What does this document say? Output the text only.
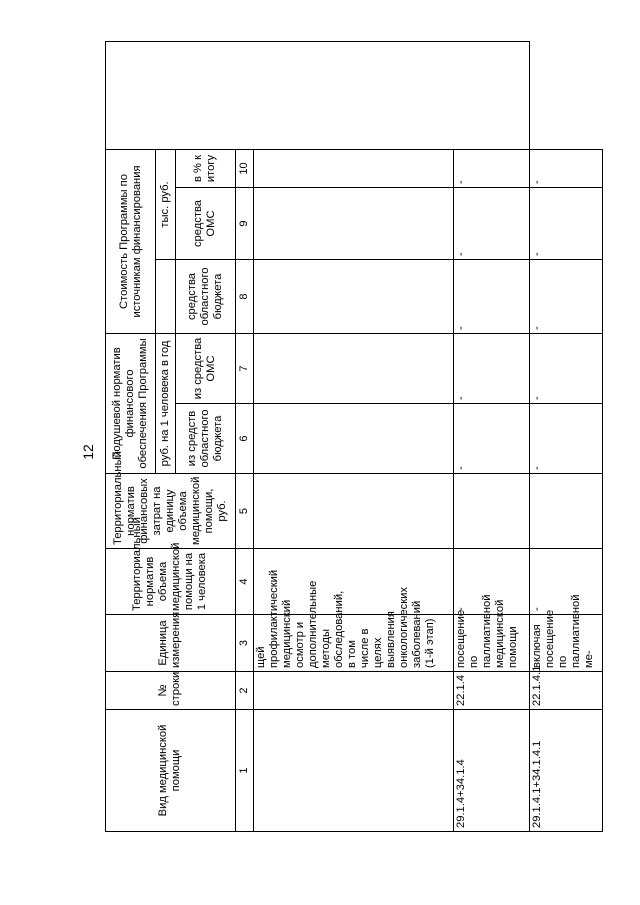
12
Вид медицинской помощи	№ строки	Единица измерения	Территориальный норматив объема медицинской помощи на 1 человека	Территориальный норматив финансовых затрат на единицу объема медицинской помощи, руб.	Подушевой норматив финансового обеспечения Программы		Стоимость Программы по источникам финансирования			
					руб. на 1 человека в год			тыс. руб.		
					из средств областного бюджета	из средства ОМС	средства областного бюджета	средства ОМС	в % к итогу	
1	2	3	4	5	6	7	8	9	10	
		щей профилактический медицинский осмотр и дополнительные методы обследований, в том числе в целях выявления онкологических заболеваний (1-й этап)								
29.1.4+34.1.4	22.1.4	посещение по паллиативной медицинской помощи	-		-	-	-	-	-	
29.1.4.1+34.1.4.1	22.1.4.1	включая посещение по паллиативной ме-	-		-	-	-	-	-	
